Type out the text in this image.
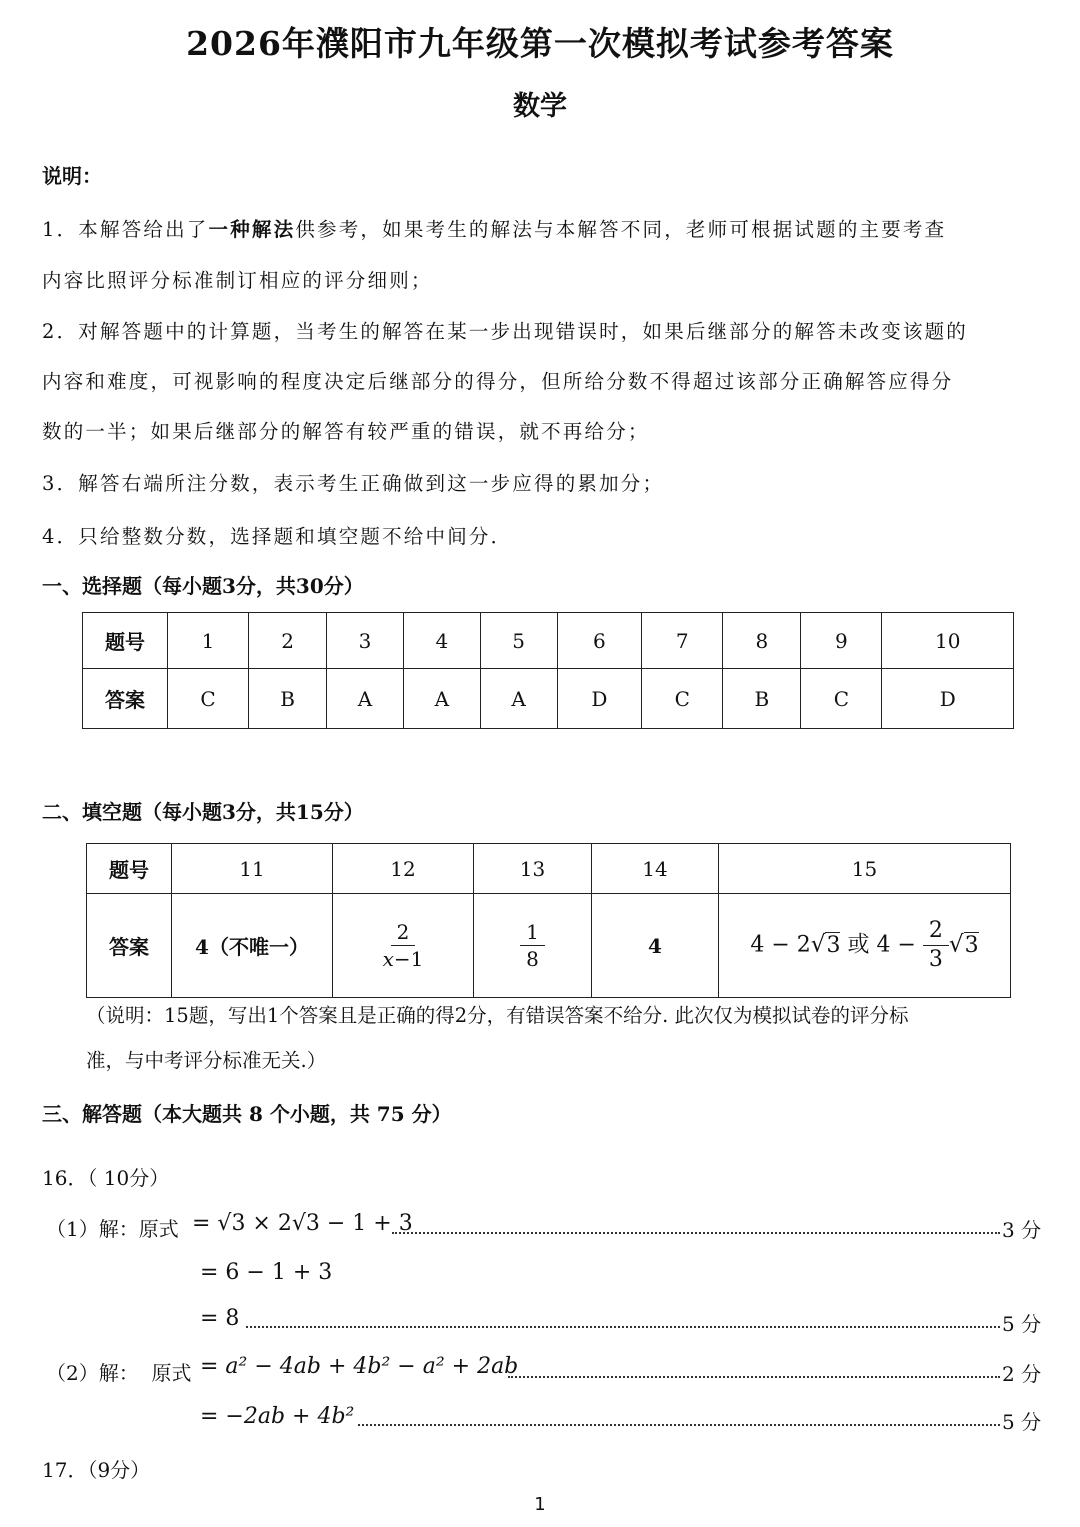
2026年濮阳市九年级第一次模拟考试参考答案
数学
说明：
1．本解答给出了一种解法供参考，如果考生的解法与本解答不同，老师可根据试题的主要考查
内容比照评分标准制订相应的评分细则；
2．对解答题中的计算题，当考生的解答在某一步出现错误时，如果后继部分的解答未改变该题的
内容和难度，可视影响的程度决定后继部分的得分，但所给分数不得超过该部分正确解答应得分
数的一半；如果后继部分的解答有较严重的错误，就不再给分；
3．解答右端所注分数，表示考生正确做到这一步应得的累加分；
4．只给整数分数，选择题和填空题不给中间分．
一、选择题（每小题3分，共30分）
题号	1	2	3	4	5	6	7	8	9	10
答案	C	B	A	A	A	D	C	B	C	D
二、填空题（每小题3分，共15分）
题号	11	12	13	14	15
答案	4（不唯一）	$\frac{2}{x-1}$	$\frac{1}{8}$	4	4 − 2√3 或 $4 - \frac{2}{3} √3$
（说明：15题，写出1个答案且是正确的得2分，有错误答案不给分. 此次仅为模拟试卷的评分标
准，与中考评分标准无关.）
三、解答题（本大题共 8 个小题，共 75 分）
16．（ 10分）
（1）解：原式 = √3 × 2√3 − 1 + 3	3 分
= 6 − 1 + 3
= 8	5 分
（2）解：  原式 = a² − 4ab + 4b² − a² + 2ab	2 分
= −2ab + 4b²	5 分
17．（9分）
1
